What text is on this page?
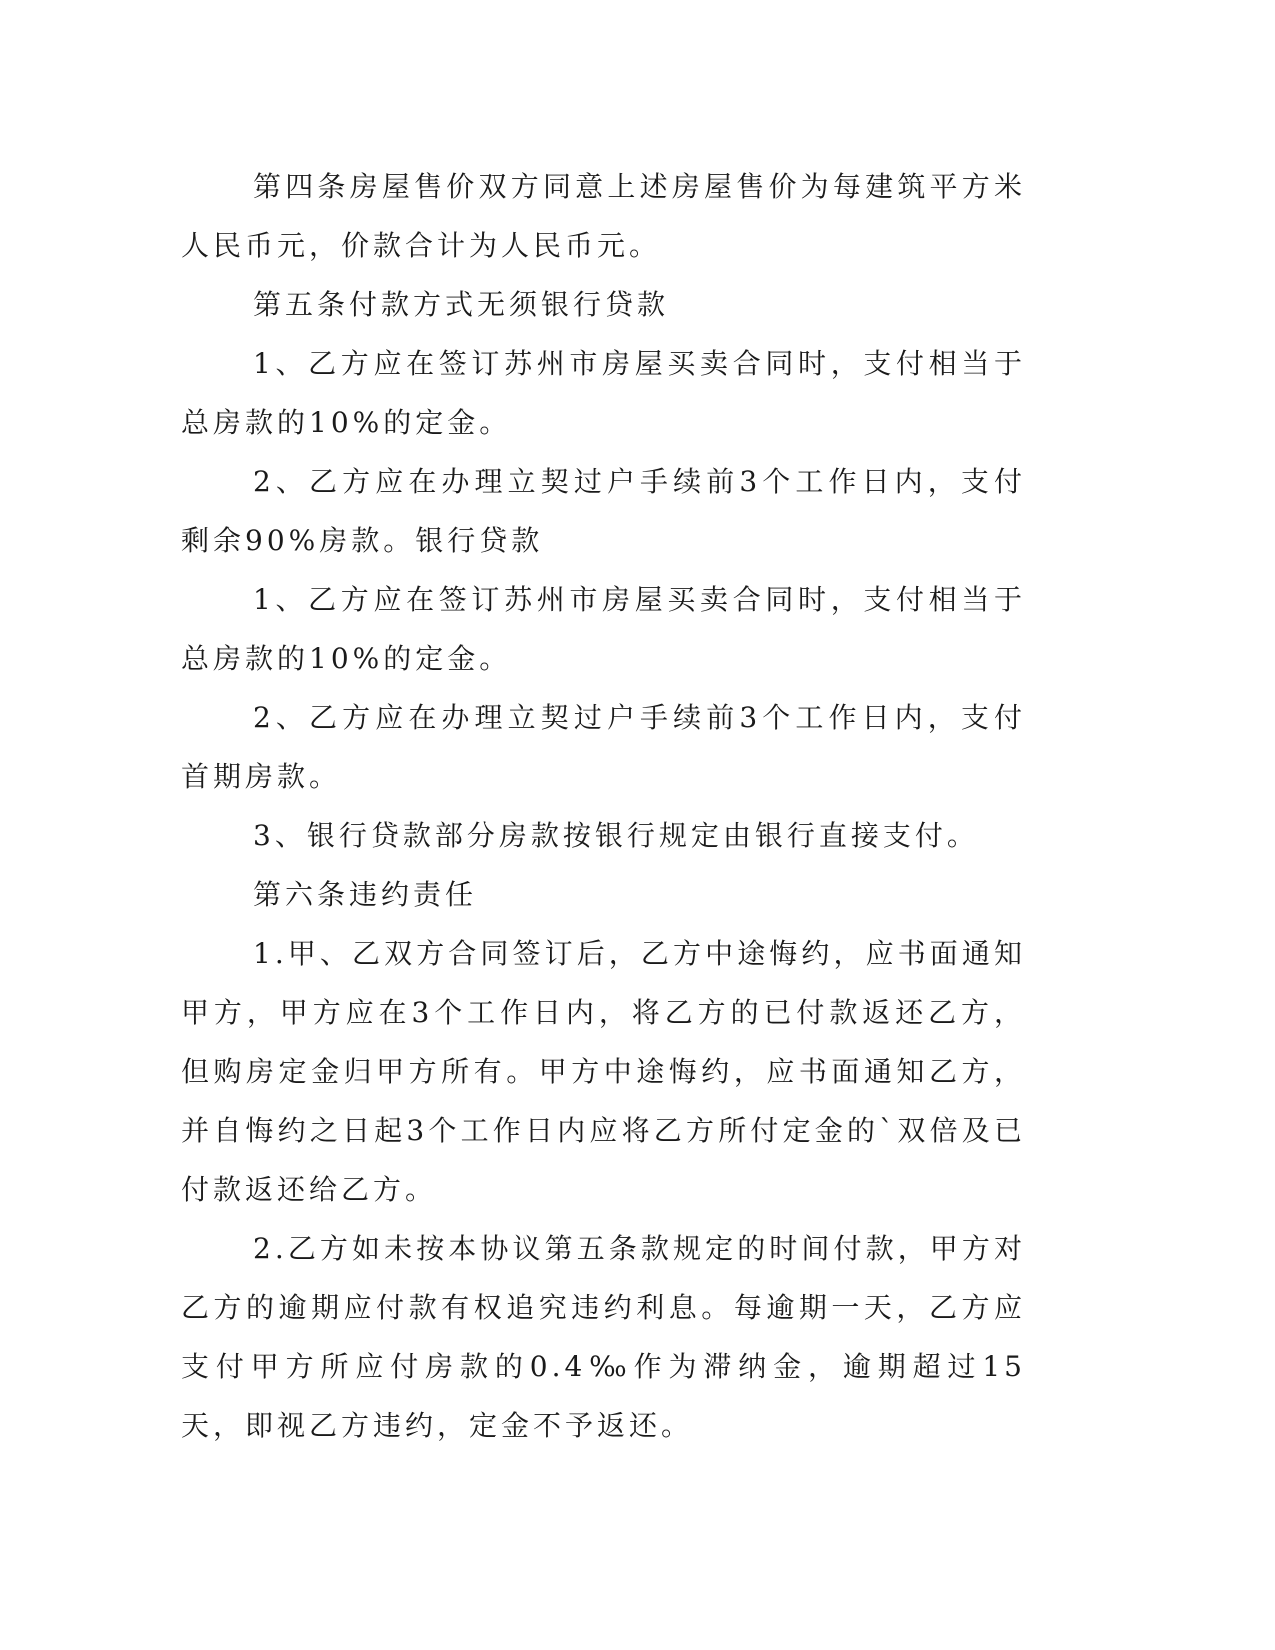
第四条房屋售价双方同意上述房屋售价为每建筑平方米人民币元，价款合计为人民币元。

第五条付款方式无须银行贷款

1、乙方应在签订苏州市房屋买卖合同时，支付相当于总房款的10%的定金。

2、乙方应在办理立契过户手续前3个工作日内，支付剩余90%房款。银行贷款

1、乙方应在签订苏州市房屋买卖合同时，支付相当于总房款的10%的定金。

2、乙方应在办理立契过户手续前3个工作日内，支付首期房款。

3、银行贷款部分房款按银行规定由银行直接支付。

第六条违约责任

1.甲、乙双方合同签订后，乙方中途悔约，应书面通知甲方，甲方应在3个工作日内，将乙方的已付款返还乙方，但购房定金归甲方所有。甲方中途悔约，应书面通知乙方，并自悔约之日起3个工作日内应将乙方所付定金的`双倍及已付款返还给乙方。

2.乙方如未按本协议第五条款规定的时间付款，甲方对乙方的逾期应付款有权追究违约利息。每逾期一天，乙方应支付甲方所应付房款的0.4‰作为滞纳金，逾期超过15天，即视乙方违约，定金不予返还。
